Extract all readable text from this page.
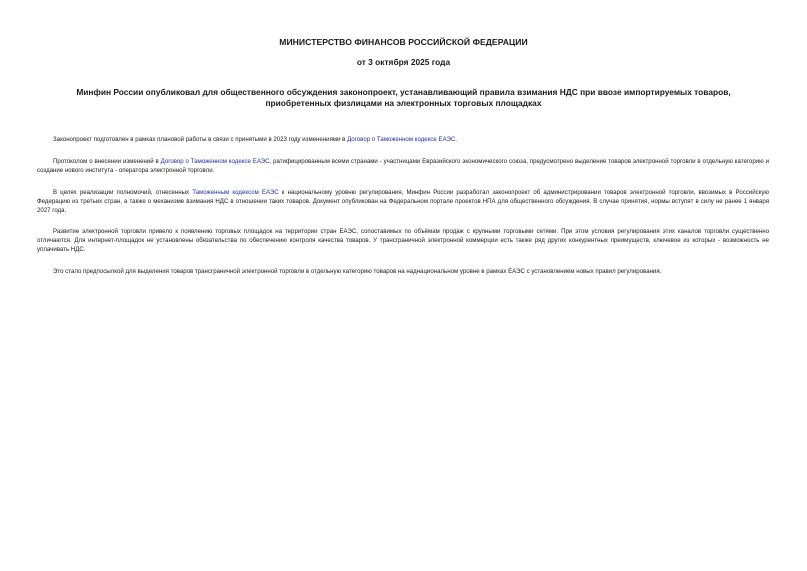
МИНИСТЕРСТВО ФИНАНСОВ РОССИЙСКОЙ ФЕДЕРАЦИИ
от 3 октября 2025 года
Минфин России опубликовал для общественного обсуждения законопроект, устанавливающий правила взимания НДС при ввозе импортируемых товаров,
приобретенных физлицами на электронных торговых площадках

Законопроект подготовлен в рамках плановой работы в связи с принятыми в 2023 году изменениями в Договор о Таможенном кодексе ЕАЭС.

Протоколом о внесении изменений в Договор о Таможенном кодексе ЕАЭС, ратифицированным всеми странами - участницами Евразийского экономического союза, предусмотрено выделение товаров электронной торговли в отдельную категорию и создание нового института - оператора электронной торговли.

В целях реализации полномочий, отнесенных Таможенным кодексом ЕАЭС к национальному уровню регулирования, Минфин России разработал законопроект об администрировании товаров электронной торговли, ввозимых в Российскую Федерацию из третьих стран, а также о механизме взимания НДС в отношении таких товаров. Документ опубликован на Федеральном портале проектов НПА для общественного обсуждения. В случае принятия, нормы вступят в силу не ранее 1 января 2027 года.

Развитие электронной торговли привело к появлению торговых площадок на территории стран ЕАЭС, сопоставимых по объёмам продаж с крупными торговыми сетями. При этом условия регулирования этих каналов торговли существенно отличаются. Для интернет-площадок не установлены обязательства по обеспечению контроля качества товаров. У трансграничной электронной коммерции есть также ряд других конкурентных преимуществ, ключевое из которых - возможность не уплачивать НДС.

Это стало предпосылкой для выделения товаров трансграничной электронной торговли в отдельную категорию товаров на наднациональном уровне в рамках ЕАЭС с установлением новых правил регулирования.
